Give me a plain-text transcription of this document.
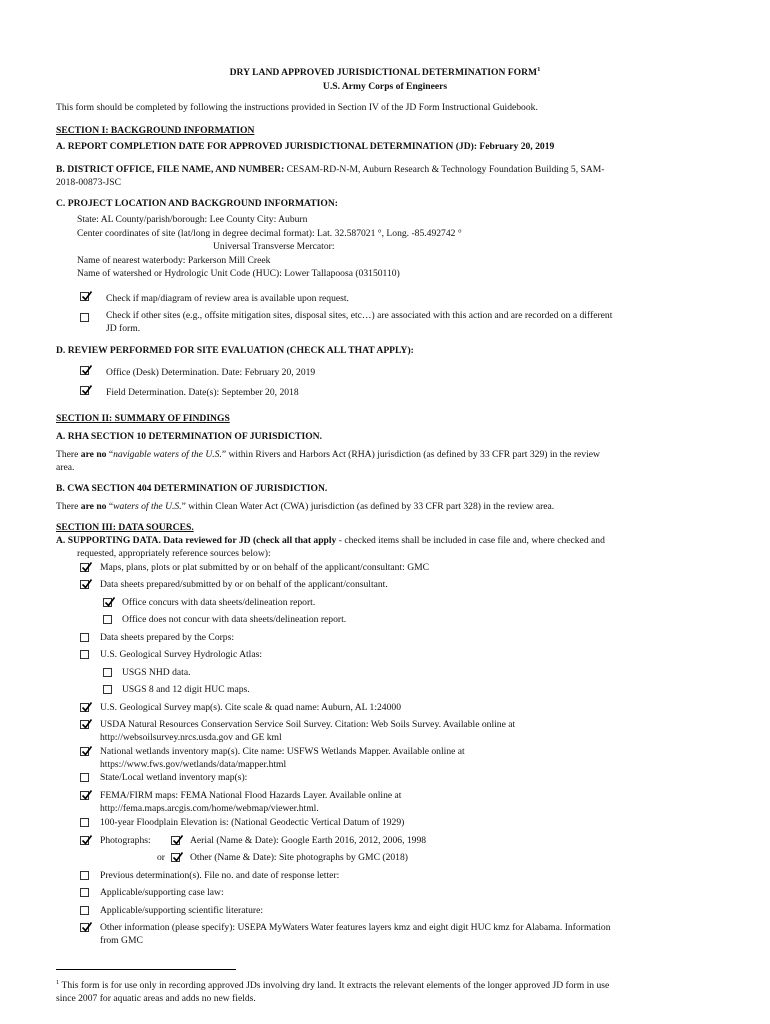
DRY LAND APPROVED JURISDICTIONAL DETERMINATION FORM$^1$
U.S. Army Corps of Engineers
This form should be completed by following the instructions provided in Section IV of the JD Form Instructional Guidebook.
SECTION I: BACKGROUND INFORMATION
A. REPORT COMPLETION DATE FOR APPROVED JURISDICTIONAL DETERMINATION (JD): February 20, 2019
B. DISTRICT OFFICE, FILE NAME, AND NUMBER: CESAM-RD-N-M, Auburn Research & Technology Foundation Building 5, SAM-
2018-00873-JSC
C. PROJECT LOCATION AND BACKGROUND INFORMATION:
State: AL County/parish/borough: Lee County City: Auburn
Center coordinates of site (lat/long in degree decimal format): Lat. 32.587021 °, Long. -85.492742 °
Universal Transverse Mercator:
Name of nearest waterbody: Parkerson Mill Creek
Name of watershed or Hydrologic Unit Code (HUC): Lower Tallapoosa (03150110)
Check if map/diagram of review area is available upon request.
Check if other sites (e.g., offsite mitigation sites, disposal sites, etc…) are associated with this action and are recorded on a different
JD form.
D. REVIEW PERFORMED FOR SITE EVALUATION (CHECK ALL THAT APPLY):
Office (Desk) Determination. Date: February 20, 2019
Field Determination. Date(s): September 20, 2018
SECTION II: SUMMARY OF FINDINGS
A. RHA SECTION 10 DETERMINATION OF JURISDICTION.
There are no “navigable waters of the U.S.” within Rivers and Harbors Act (RHA) jurisdiction (as defined by 33 CFR part 329) in the review
area.
B. CWA SECTION 404 DETERMINATION OF JURISDICTION.
There are no “waters of the U.S.” within Clean Water Act (CWA) jurisdiction (as defined by 33 CFR part 328) in the review area.
SECTION III: DATA SOURCES.
A. SUPPORTING DATA. Data reviewed for JD (check all that apply - checked items shall be included in case file and, where checked and
requested, appropriately reference sources below):
Maps, plans, plots or plat submitted by or on behalf of the applicant/consultant: GMC
Data sheets prepared/submitted by or on behalf of the applicant/consultant.
Office concurs with data sheets/delineation report.
Office does not concur with data sheets/delineation report.
Data sheets prepared by the Corps:
U.S. Geological Survey Hydrologic Atlas:
USGS NHD data.
USGS 8 and 12 digit HUC maps.
U.S. Geological Survey map(s). Cite scale & quad name: Auburn, AL 1:24000
USDA Natural Resources Conservation Service Soil Survey. Citation: Web Soils Survey. Available online at
http://websoilsurvey.nrcs.usda.gov and GE kml
National wetlands inventory map(s). Cite name: USFWS Wetlands Mapper. Available online at
https://www.fws.gov/wetlands/data/mapper.html
State/Local wetland inventory map(s):
FEMA/FIRM maps: FEMA National Flood Hazards Layer. Available online at
http://fema.maps.arcgis.com/home/webmap/viewer.html.
100-year Floodplain Elevation is: (National Geodectic Vertical Datum of 1929)
Photographs:	Aerial (Name & Date): Google Earth 2016, 2012, 2006, 1998
or	Other (Name & Date): Site photographs by GMC (2018)
Previous determination(s). File no. and date of response letter:
Applicable/supporting case law:
Applicable/supporting scientific literature:
Other information (please specify): USEPA MyWaters Water features layers kmz and eight digit HUC kmz for Alabama. Information
from GMC
$^1$ This form is for use only in recording approved JDs involving dry land. It extracts the relevant elements of the longer approved JD form in use
since 2007 for aquatic areas and adds no new fields.
